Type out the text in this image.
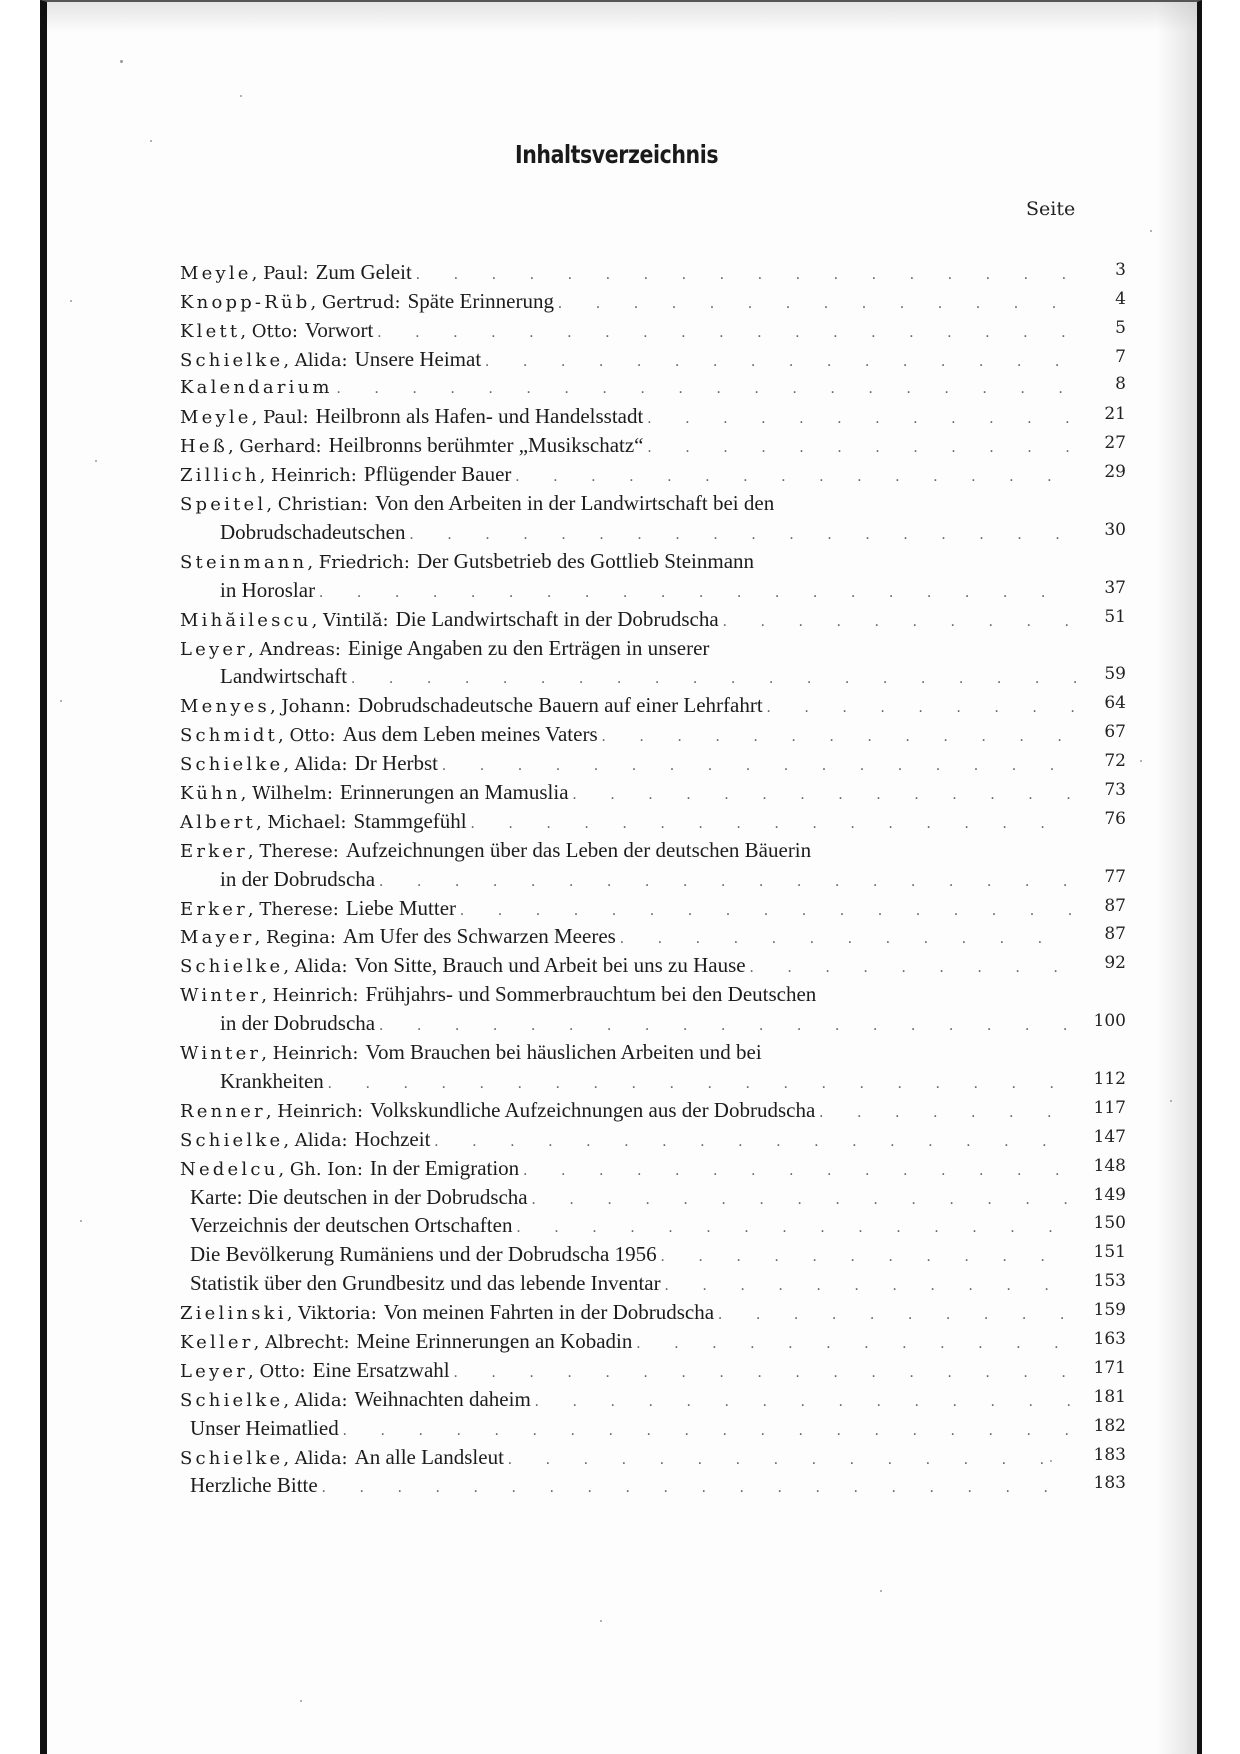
Inhaltsverzeichnis
Seite
Meyle , Paul: Zum Geleit . . .	3
Knopp-Rüb , Gertrud: Späte Erinnerung . . .	4
Klett , Otto: Vorwort . . .	5
Schielke , Alida: Unsere Heimat . . .	7
Kalendarium . . .	8
Meyle , Paul: Heilbronn als Hafen- und Handelsstadt . . .	21
Heß , Gerhard: Heilbronns berühmter „Musikschatz“ . . .	27
Zillich , Heinrich: Pflügender Bauer . . .	29
Speitel , Christian: Von den Arbeiten in der Landwirtschaft bei den
Dobrudschadeutschen . . .	30
Steinmann , Friedrich: Der Gutsbetrieb des Gottlieb Steinmann
in Horoslar . . .	37
Mihăilescu , Vintilă: Die Landwirtschaft in der Dobrudscha . . .	51
Leyer , Andreas: Einige Angaben zu den Erträgen in unserer
Landwirtschaft . . .	59
Menyes , Johann: Dobrudschadeutsche Bauern auf einer Lehrfahrt . . .	64
Schmidt , Otto: Aus dem Leben meines Vaters . . .	67
Schielke , Alida: Dr Herbst . . .	72
Kühn , Wilhelm: Erinnerungen an Mamuslia . . .	73
Albert , Michael: Stammgefühl . . .	76
Erker , Therese: Aufzeichnungen über das Leben der deutschen Bäuerin
in der Dobrudscha . . .	77
Erker , Therese: Liebe Mutter . . .	87
Mayer , Regina: Am Ufer des Schwarzen Meeres . . .	87
Schielke , Alida: Von Sitte, Brauch und Arbeit bei uns zu Hause . . .	92
Winter , Heinrich: Frühjahrs- und Sommerbrauchtum bei den Deutschen
in der Dobrudscha . . .	100
Winter , Heinrich: Vom Brauchen bei häuslichen Arbeiten und bei
Krankheiten . . .	112
Renner , Heinrich: Volkskundliche Aufzeichnungen aus der Dobrudscha . . .	117
Schielke , Alida: Hochzeit . . .	147
Nedelcu , Gh. Ion: In der Emigration . . .	148
Karte: Die deutschen in der Dobrudscha . . .	149
Verzeichnis der deutschen Ortschaften . . .	150
Die Bevölkerung Rumäniens und der Dobrudscha 1956 . . .	151
Statistik über den Grundbesitz und das lebende Inventar . . .	153
Zielinski , Viktoria: Von meinen Fahrten in der Dobrudscha . . .	159
Keller , Albrecht: Meine Erinnerungen an Kobadin . . .	163
Leyer , Otto: Eine Ersatzwahl . . .	171
Schielke , Alida: Weihnachten daheim . . .	181
Unser Heimatlied . . .	182
Schielke , Alida: An alle Landsleut . . .	183
Herzliche Bitte . . .	183
